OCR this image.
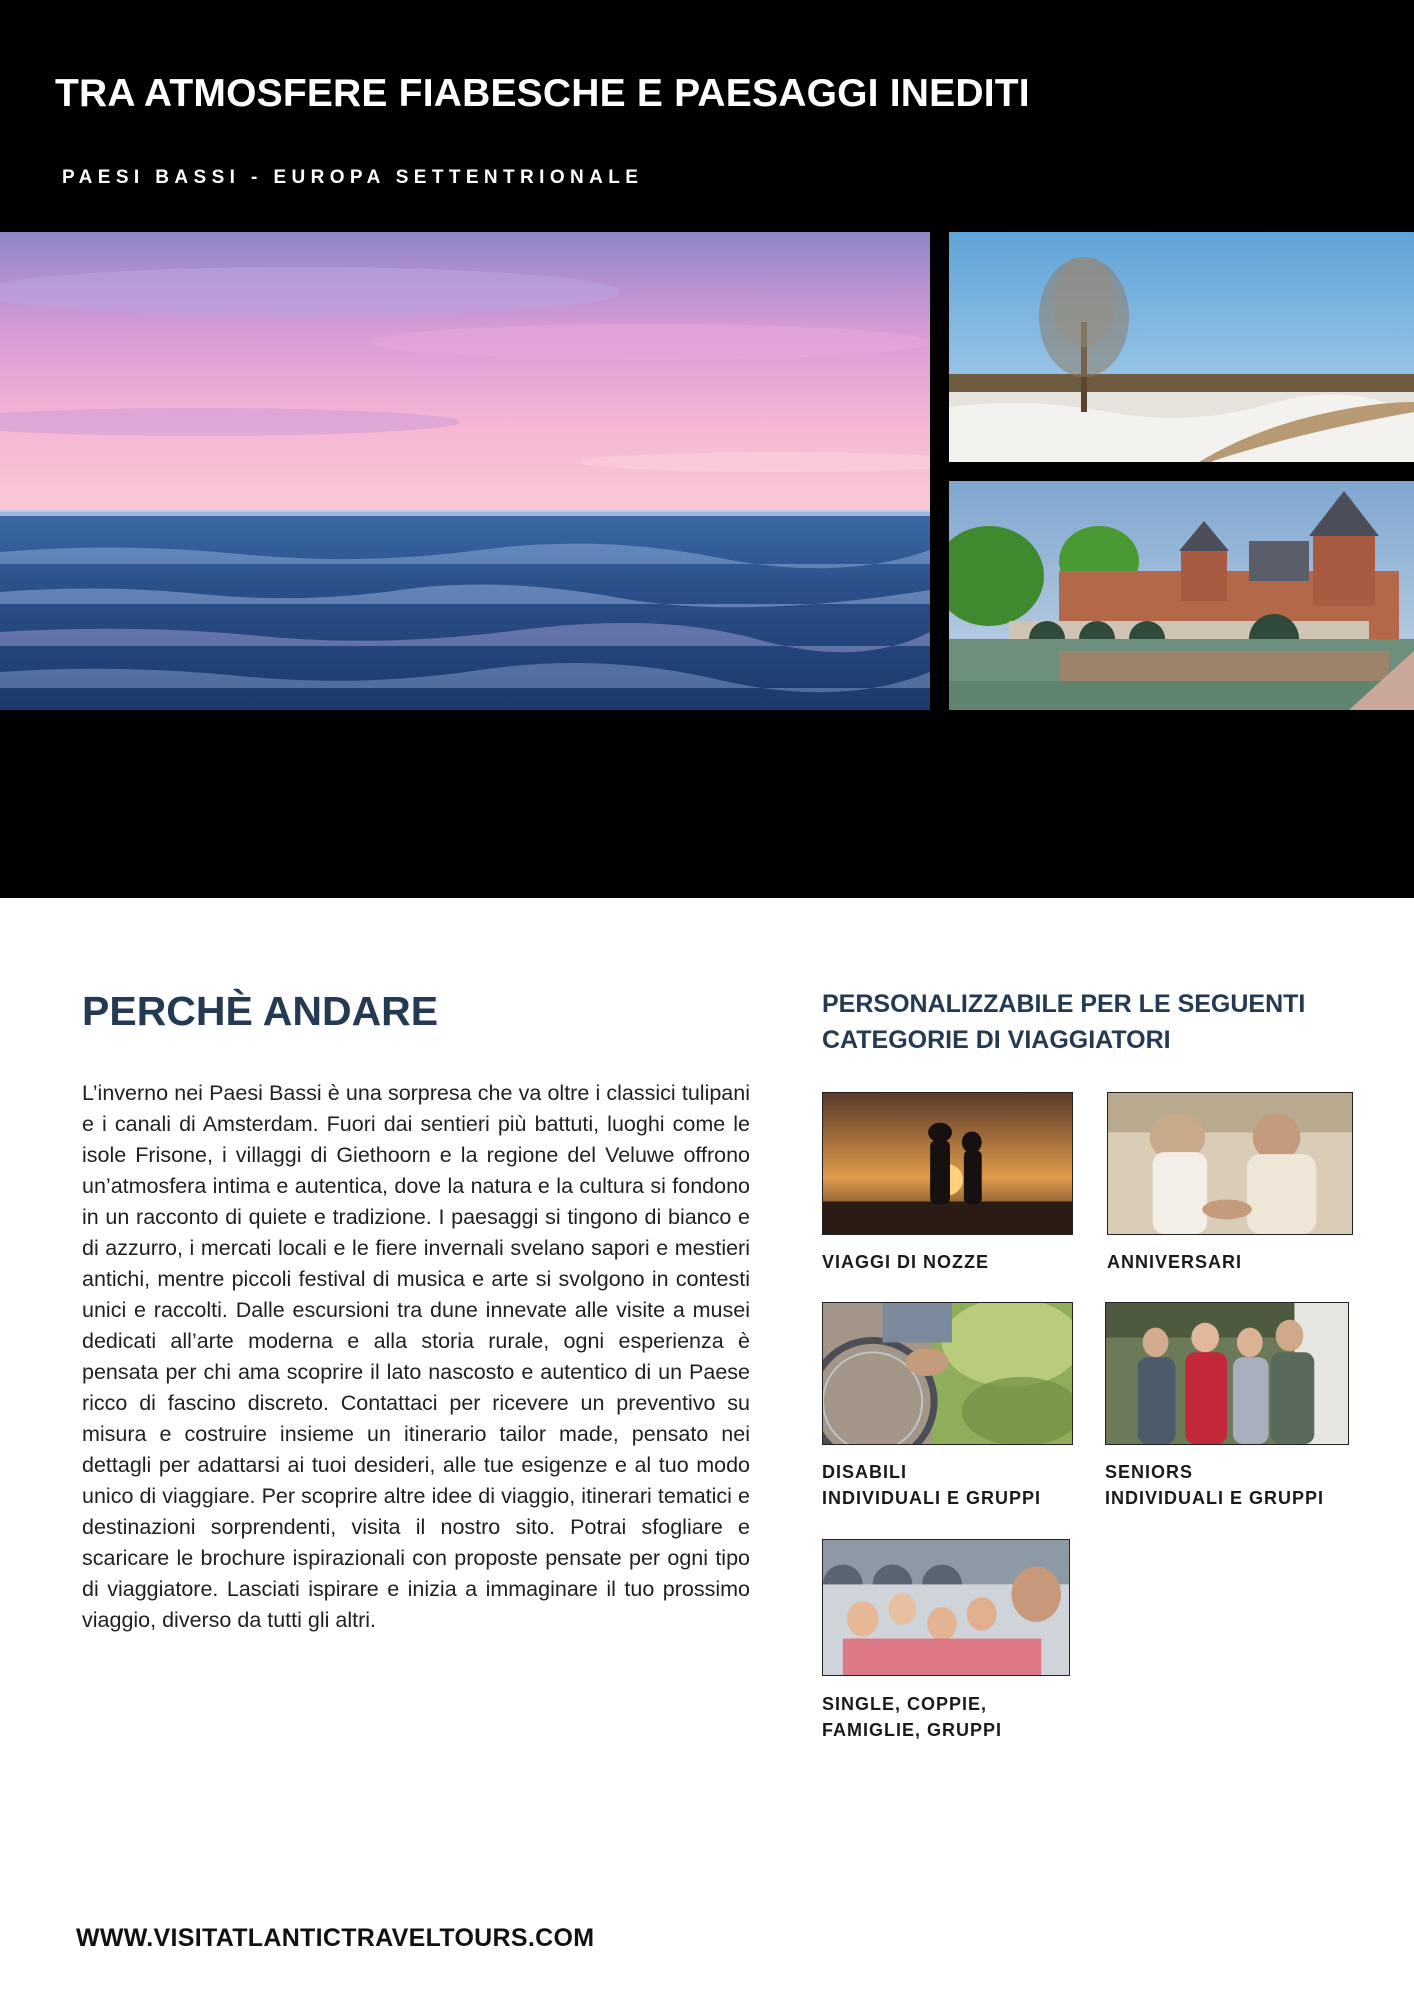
TRA ATMOSFERE FIABESCHE E PAESAGGI INEDITI
PAESI BASSI - EUROPA SETTENTRIONALE
PERCHÈ ANDARE

L’inverno nei Paesi Bassi è una sorpresa che va oltre i classici tulipani e i canali di Amsterdam. Fuori dai sentieri più battuti, luoghi come le isole Frisone, i villaggi di Giethoorn e la regione del Veluwe offrono un’atmosfera intima e autentica, dove la natura e la cultura si fondono in un racconto di quiete e tradizione. I paesaggi si tingono di bianco e di azzurro, i mercati locali e le fiere invernali svelano sapori e mestieri antichi, mentre piccoli festival di musica e arte si svolgono in contesti unici e raccolti. Dalle escursioni tra dune innevate alle visite a musei dedicati all’arte moderna e alla storia rurale, ogni esperienza è pensata per chi ama scoprire il lato nascosto e autentico di un Paese ricco di fascino discreto. Contattaci per ricevere un preventivo su misura e costruire insieme un itinerario tailor made, pensato nei dettagli per adattarsi ai tuoi desideri, alle tue esigenze e al tuo modo unico di viaggiare. Per scoprire altre idee di viaggio, itinerari tematici e destinazioni sorprendenti, visita il nostro sito. Potrai sfogliare e scaricare le brochure ispirazionali con proposte pensate per ogni tipo di viaggiatore. Lasciati ispirare e inizia a immaginare il tuo prossimo viaggio, diverso da tutti gli altri.

PERSONALIZZABILE PER LE SEGUENTI CATEGORIE DI VIAGGIATORI
VIAGGI DI NOZZE	ANNIVERSARI
DISABILI
INDIVIDUALI E GRUPPI
SENIORS
INDIVIDUALI E GRUPPI
SINGLE, COPPIE,
FAMIGLIE, GRUPPI
WWW.VISITATLANTICTRAVELTOURS.COM
